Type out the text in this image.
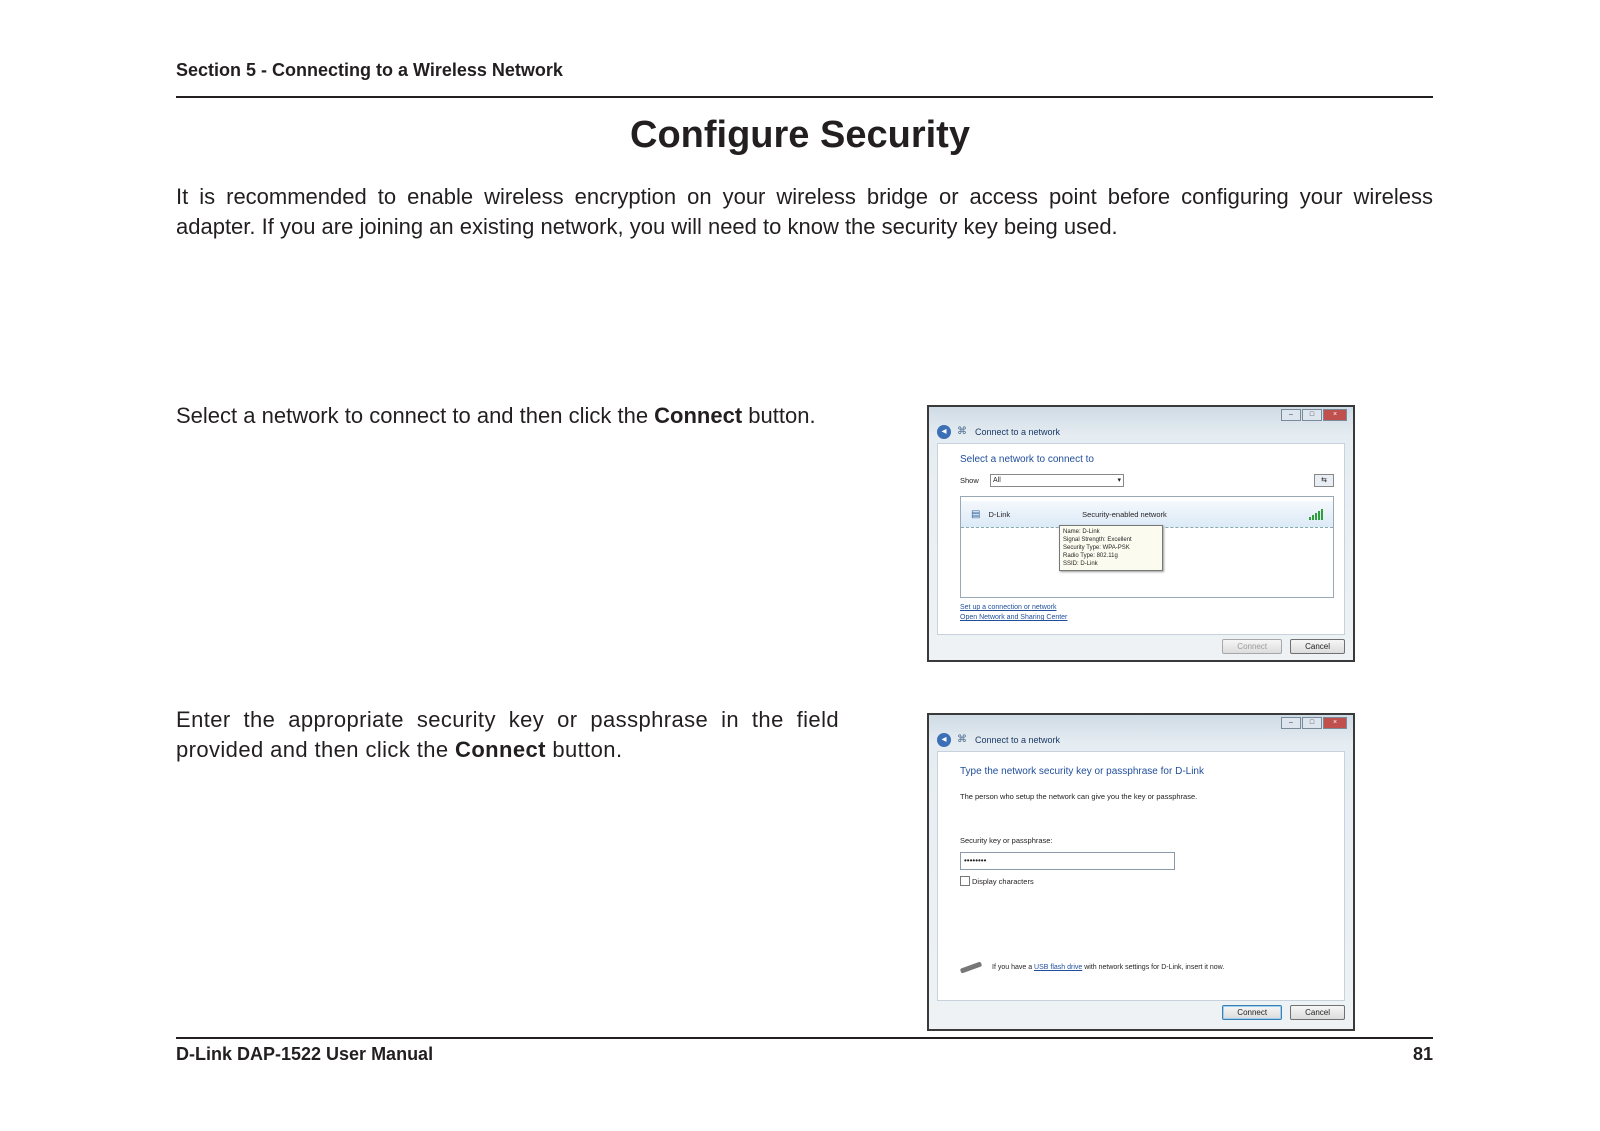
Section 5 - Connecting to a Wireless Network
Configure Security
It is recommended to enable wireless encryption on your wireless bridge or access point before configuring your wireless adapter. If you are joining an existing network, you will need to know the security key being used.
Select a network to connect to and then click the Connect button.
Enter the appropriate security key or passphrase in the field provided and then click the Connect button.
–	□	×
◂	⌘ Connect to a network
Select a network to connect to
Show	All ▾	⇆
▤ D-Link	Security-enabled network
Name: D-Link
Signal Strength: Excellent
Security Type: WPA-PSK
Radio Type: 802.11g
SSID: D-Link
Set up a connection or network
Open Network and Sharing Center
Connect	Cancel
–	□	×
◂	⌘ Connect to a network
Type the network security key or passphrase for D-Link
The person who setup the network can give you the key or passphrase.
Security key or passphrase:
••••••••
Display characters
If you have a USB flash drive with network settings for D-Link, insert it now.
Connect	Cancel
D-Link DAP-1522 User Manual	81
